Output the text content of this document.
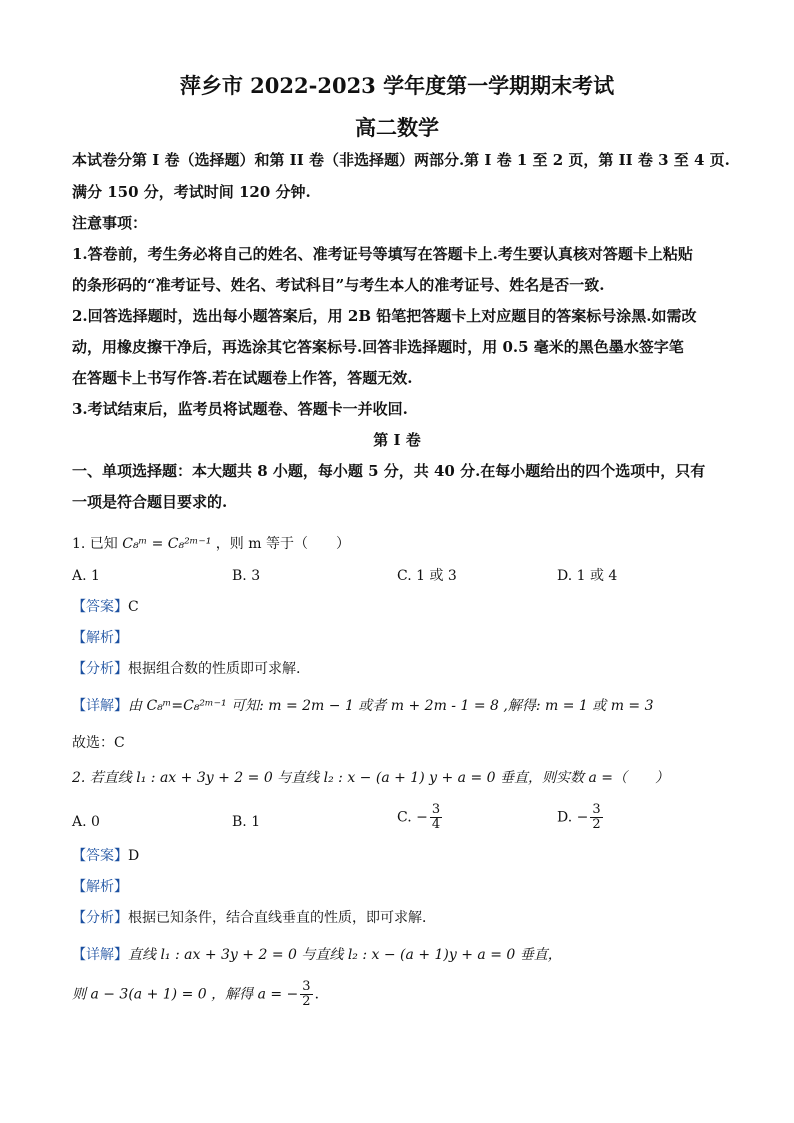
萍乡市 2022-2023 学年度第一学期期末考试
高二数学
本试卷分第 I 卷（选择题）和第 II 卷（非选择题）两部分.第 I 卷 1 至 2 页，第 II 卷 3 至 4 页.
满分 150 分，考试时间 120 分钟.
注意事项：
1.答卷前，考生务必将自己的姓名、准考证号等填写在答题卡上.考生要认真核对答题卡上粘贴
的条形码的“准考证号、姓名、考试科目”与考生本人的准考证号、姓名是否一致.
2.回答选择题时，选出每小题答案后，用 2B 铅笔把答题卡上对应题目的答案标号涂黑.如需改
动，用橡皮擦干净后，再选涂其它答案标号.回答非选择题时，用 0.5 毫米的黑色墨水签字笔
在答题卡上书写作答.若在试题卷上作答，答题无效.
3.考试结束后，监考员将试题卷、答题卡一并收回.
第 I 卷
一、单项选择题：本大题共 8 小题，每小题 5 分，共 40 分.在每小题给出的四个选项中，只有
一项是符合题目要求的.
1. 已知 C₈ᵐ = C₈²ᵐ⁻¹ ，则 m 等于（　　）
A. 1	B. 3	C. 1 或 3	D. 1 或 4
【答案】C
【解析】
【分析】根据组合数的性质即可求解.
【详解】由 C₈ᵐ=C₈²ᵐ⁻¹ 可知: m = 2m − 1 或者 m + 2m - 1 = 8 ,解得: m = 1 或 m = 3
故选：C
2. 若直线 l₁ : ax + 3y + 2 = 0 与直线 l₂ : x − (a + 1) y + a = 0 垂直，则实数 a =（　　）
A. 0	B. 1	C. − $\frac{3}{4}$	D. − $\frac{3}{2}$
【答案】D
【解析】
【分析】根据已知条件，结合直线垂直的性质，即可求解．
【详解】直线 l₁ : ax + 3y + 2 = 0 与直线 l₂ : x − (a + 1)y + a = 0 垂直，
则 a − 3(a + 1) = 0 ，解得 a = − $\frac{3}{2}$ ．
